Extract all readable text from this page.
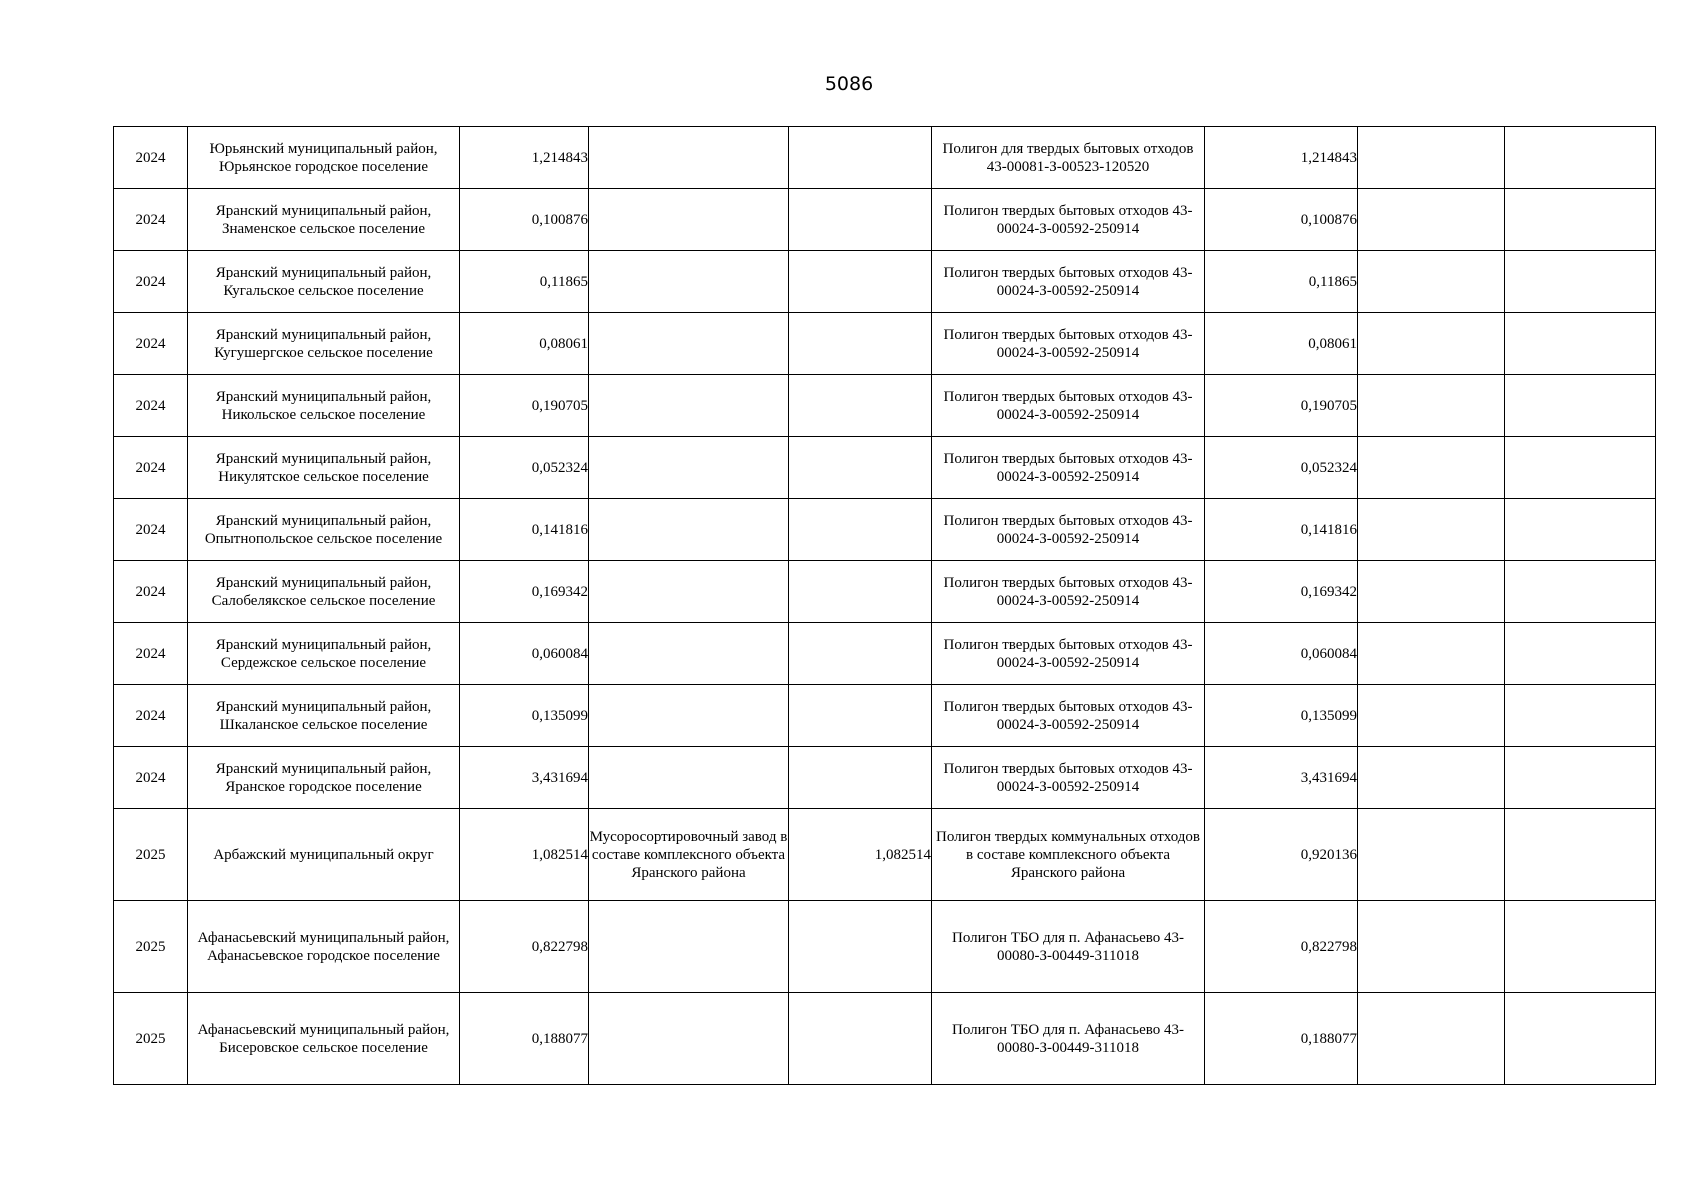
5086
2024	Юрьянский муниципальный район, Юрьянское городское поселение	1,214843			Полигон для твердых бытовых отходов 43-00081-З-00523-120520	1,214843		
2024	Яранский муниципальный район, Знаменское сельское поселение	0,100876			Полигон твердых бытовых отходов 43-00024-З-00592-250914	0,100876		
2024	Яранский муниципальный район, Кугальское сельское поселение	0,11865			Полигон твердых бытовых отходов 43-00024-З-00592-250914	0,11865		
2024	Яранский муниципальный район, Кугушергское сельское поселение	0,08061			Полигон твердых бытовых отходов 43-00024-З-00592-250914	0,08061		
2024	Яранский муниципальный район, Никольское сельское поселение	0,190705			Полигон твердых бытовых отходов 43-00024-З-00592-250914	0,190705		
2024	Яранский муниципальный район, Никулятское сельское поселение	0,052324			Полигон твердых бытовых отходов 43-00024-З-00592-250914	0,052324		
2024	Яранский муниципальный район, Опытнопольское сельское поселение	0,141816			Полигон твердых бытовых отходов 43-00024-З-00592-250914	0,141816		
2024	Яранский муниципальный район, Салобелякское сельское поселение	0,169342			Полигон твердых бытовых отходов 43-00024-З-00592-250914	0,169342		
2024	Яранский муниципальный район, Сердежское сельское поселение	0,060084			Полигон твердых бытовых отходов 43-00024-З-00592-250914	0,060084		
2024	Яранский муниципальный район, Шкаланское сельское поселение	0,135099			Полигон твердых бытовых отходов 43-00024-З-00592-250914	0,135099		
2024	Яранский муниципальный район, Яранское городское поселение	3,431694			Полигон твердых бытовых отходов 43-00024-З-00592-250914	3,431694		
2025	Арбажский муниципальный округ	1,082514	Мусоросортировочный завод в составе комплексного объекта Яранского района	1,082514	Полигон твердых коммунальных отходов в составе комплексного объекта Яранского района	0,920136		
2025	Афанасьевский муниципальный район, Афанасьевское городское поселение	0,822798			Полигон ТБО для п. Афанасьево 43-00080-З-00449-311018	0,822798		
2025	Афанасьевский муниципальный район, Бисеровское сельское поселение	0,188077			Полигон ТБО для п. Афанасьево 43-00080-З-00449-311018	0,188077		
